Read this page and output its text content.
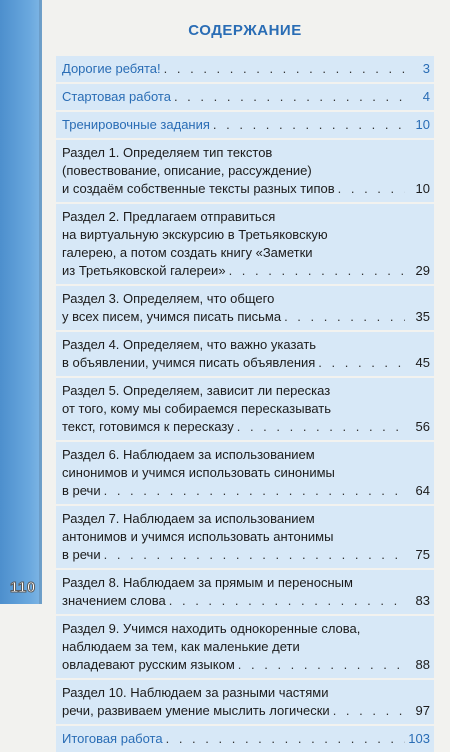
110
СОДЕРЖАНИЕ
Дорогие ребята! . . .	3
Стартовая работа . . .	4
Тренировочные задания . . .	10
Раздел 1. Определяем тип текстов
(повествование, описание, рассуждение)
и создаём собственные тексты разных типов . . .	10
Раздел 2. Предлагаем отправиться
на виртуальную экскурсию в Третьяковскую
галерею, а потом создать книгу «Заметки
из Третьяковской галереи» . . .	29
Раздел 3. Определяем, что общего
у всех писем, учимся писать письма . . .	35
Раздел 4. Определяем, что важно указать
в объявлении, учимся писать объявления . . .	45
Раздел 5. Определяем, зависит ли пересказ
от того, кому мы собираемся пересказывать
текст, готовимся к пересказу . . .	56
Раздел 6. Наблюдаем за использованием
синонимов и учимся использовать синонимы
в речи . . .	64
Раздел 7. Наблюдаем за использованием
антонимов и учимся использовать антонимы
в речи . . .	75
Раздел 8. Наблюдаем за прямым и переносным
значением слова . . .	83
Раздел 9. Учимся находить однокоренные слова,
наблюдаем за тем, как маленькие дети
овладевают русским языком . . .	88
Раздел 10. Наблюдаем за разными частями
речи, развиваем умение мыслить логически . . .	97
Итоговая работа . . .	103
